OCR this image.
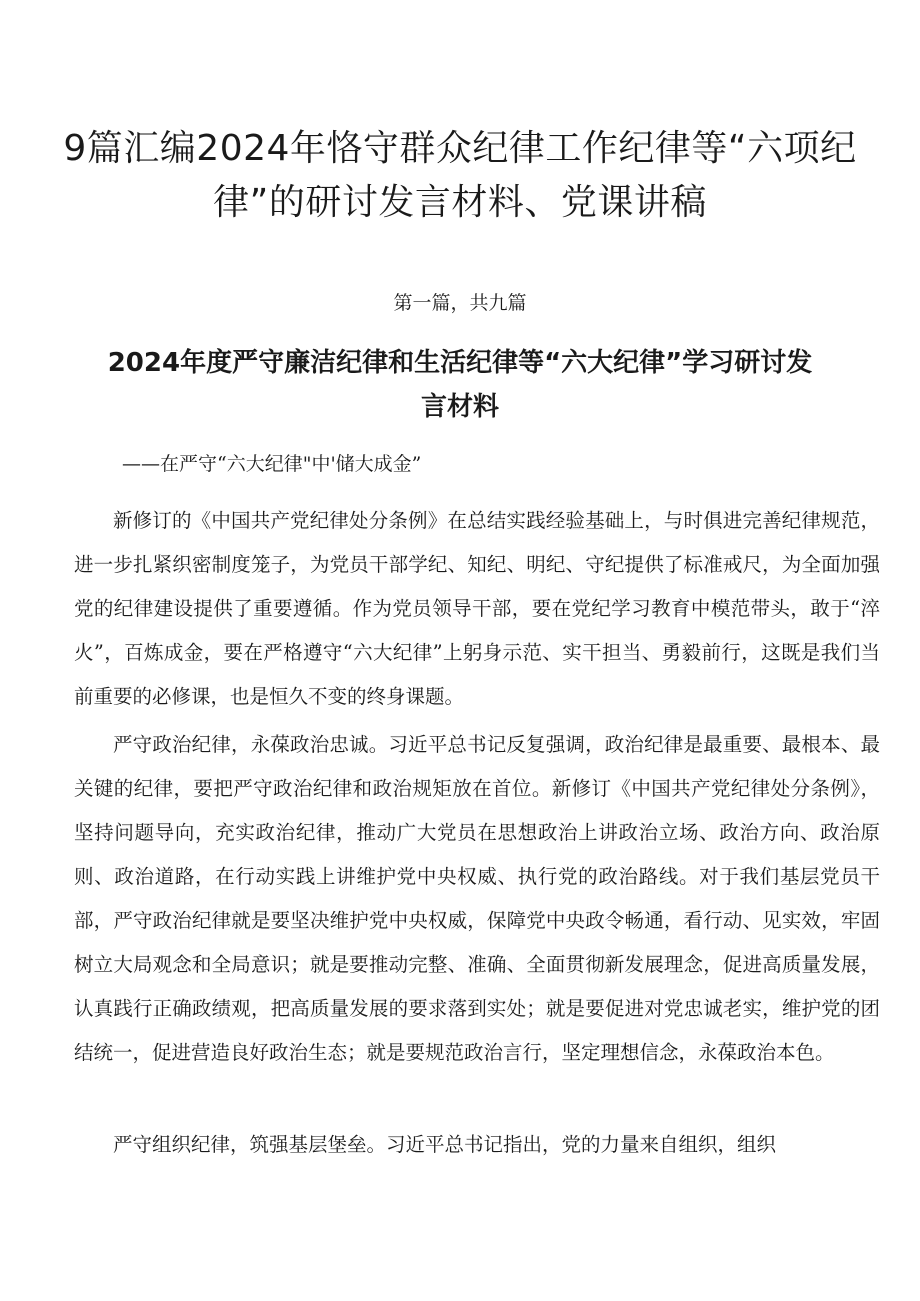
9篇汇编2024年恪守群众纪律工作纪律等“六项纪律”的研讨发言材料、党课讲稿
第一篇，共九篇
2024年度严守廉洁纪律和生活纪律等“六大纪律”学习研讨发言材料
——在严守“六大纪律"中'储大成金”

新修订的《中国共产党纪律处分条例》在总结实践经验基础上，与时俱进完善纪律规范，进一步扎紧织密制度笼子，为党员干部学纪、知纪、明纪、守纪提供了标准戒尺，为全面加强党的纪律建设提供了重要遵循。作为党员领导干部，要在党纪学习教育中模范带头，敢于“淬火”，百炼成金，要在严格遵守“六大纪律”上躬身示范、实干担当、勇毅前行，这既是我们当前重要的必修课，也是恒久不变的终身课题。

严守政治纪律，永葆政治忠诚。习近平总书记反复强调，政治纪律是最重要、最根本、最关键的纪律，要把严守政治纪律和政治规矩放在首位。新修订《中国共产党纪律处分条例》，坚持问题导向，充实政治纪律，推动广大党员在思想政治上讲政治立场、政治方向、政治原则、政治道路，在行动实践上讲维护党中央权威、执行党的政治路线。对于我们基层党员干部，严守政治纪律就是要坚决维护党中央权威，保障党中央政令畅通，看行动、见实效，牢固树立大局观念和全局意识；就是要推动完整、准确、全面贯彻新发展理念，促进高质量发展，认真践行正确政绩观，把高质量发展的要求落到实处；就是要促进对党忠诚老实，维护党的团结统一，促进营造良好政治生态；就是要规范政治言行，坚定理想信念，永葆政治本色。

严守组织纪律，筑强基层堡垒。习近平总书记指出，党的力量来自组织，组织
